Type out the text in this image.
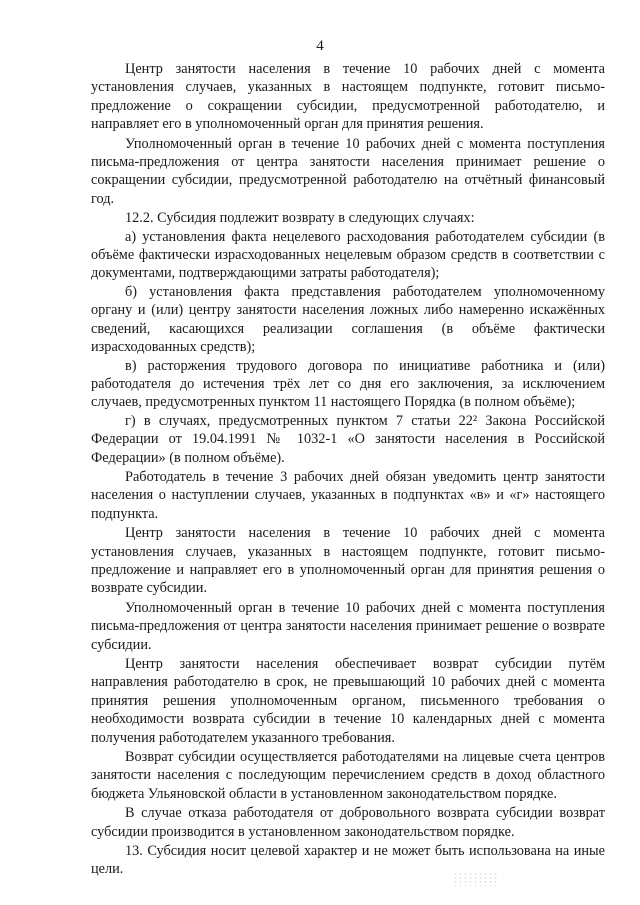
4

Центр занятости населения в течение 10 рабочих дней с момента установления случаев, указанных в настоящем подпункте, готовит письмо-предложение о сокращении субсидии, предусмотренной работодателю, и направляет его в уполномоченный орган для принятия решения.

Уполномоченный орган в течение 10 рабочих дней с момента поступления письма-предложения от центра занятости населения принимает решение о сокращении субсидии, предусмотренной работодателю на отчётный финансовый год.

12.2. Субсидия подлежит возврату в следующих случаях:

а) установления факта нецелевого расходования работодателем субсидии (в объёме фактически израсходованных нецелевым образом средств в соответствии с документами, подтверждающими затраты работодателя);

б) установления факта представления работодателем уполномоченному органу и (или) центру занятости населения ложных либо намеренно искажённых сведений, касающихся реализации соглашения (в объёме фактически израсходованных средств);

в) расторжения трудового договора по инициативе работника и (или) работодателя до истечения трёх лет со дня его заключения, за исключением случаев, предусмотренных пунктом 11 настоящего Порядка (в полном объёме);

г) в случаях, предусмотренных пунктом 7 статьи 22² Закона Российской Федерации от 19.04.1991 № 1032-1 «О занятости населения в Российской Федерации» (в полном объёме).

Работодатель в течение 3 рабочих дней обязан уведомить центр занятости населения о наступлении случаев, указанных в подпунктах «в» и «г» настоящего подпункта.

Центр занятости населения в течение 10 рабочих дней с момента установления случаев, указанных в настоящем подпункте, готовит письмо-предложение и направляет его в уполномоченный орган для принятия решения о возврате субсидии.

Уполномоченный орган в течение 10 рабочих дней с момента поступления письма-предложения от центра занятости населения принимает решение о возврате субсидии.

Центр занятости населения обеспечивает возврат субсидии путём направления работодателю в срок, не превышающий 10 рабочих дней с момента принятия решения уполномоченным органом, письменного требования о необходимости возврата субсидии в течение 10 календарных дней с момента получения работодателем указанного требования.

Возврат субсидии осуществляется работодателями на лицевые счета центров занятости населения с последующим перечислением средств в доход областного бюджета Ульяновской области в установленном законодательством порядке.

В случае отказа работодателя от добровольного возврата субсидии возврат субсидии производится в установленном законодательством порядке.

13. Субсидия носит целевой характер и не может быть использована на иные цели.
